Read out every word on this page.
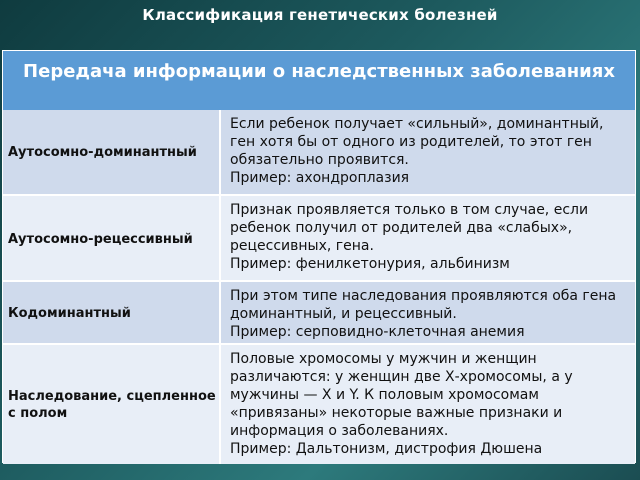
Классификация генетических болезней
Передача информации о наследственных заболеваниях
Аутосомно-доминантный
Если ребенок получает «сильный», доминантный, ген хотя бы от одного из родителей, то этот ген обязательно проявится.
Пример: ахондроплазия
Аутосомно-рецессивный
Признак проявляется только в том случае, если ребенок получил от родителей два «слабых», рецессивных, гена.
Пример: фенилкетонурия, альбинизм
Кодоминантный
При этом типе наследования проявляются оба гена доминантный, и рецессивный.
Пример: серповидно-клеточная анемия
Наследование, сцепленное с полом
Половые хромосомы у мужчин и женщин различаются: у женщин две Х-хромосомы, а у мужчины — Х и Y. К половым хромосомам «привязаны» некоторые важные признаки и информация о заболеваниях.
Пример: Дальтонизм, дистрофия Дюшена
